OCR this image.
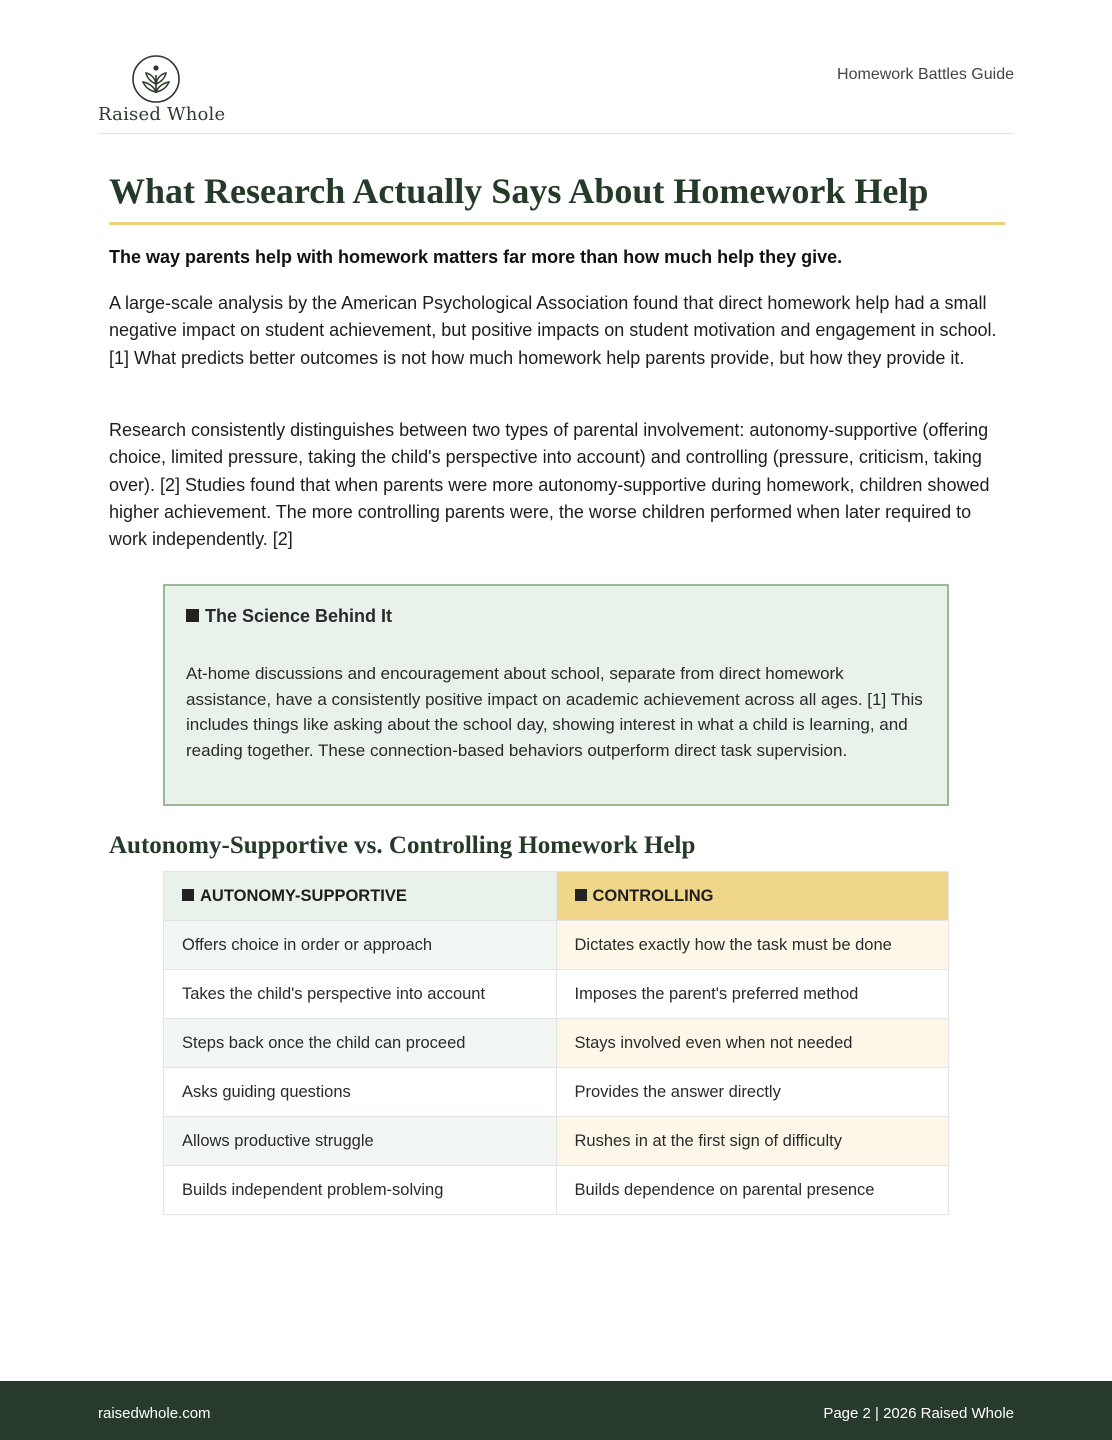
Raised Whole
Homework Battles Guide
What Research Actually Says About Homework Help

The way parents help with homework matters far more than how much help they give.

A large-scale analysis by the American Psychological Association found that direct homework help had a small negative impact on student achievement, but positive impacts on student motivation and engagement in school. [1] What predicts better outcomes is not how much homework help parents provide, but how they provide it.

Research consistently distinguishes between two types of parental involvement: autonomy-supportive (offering choice, limited pressure, taking the child's perspective into account) and controlling (pressure, criticism, taking over). [2] Studies found that when parents were more autonomy-supportive during homework, children showed higher achievement. The more controlling parents were, the worse children performed when later required to work independently. [2]

The Science Behind It

At-home discussions and encouragement about school, separate from direct homework assistance, have a consistently positive impact on academic achievement across all ages. [1] This includes things like asking about the school day, showing interest in what a child is learning, and reading together. These connection-based behaviors outperform direct task supervision.

Autonomy-Supportive vs. Controlling Homework Help
AUTONOMY-SUPPORTIVE	CONTROLLING
Offers choice in order or approach	Dictates exactly how the task must be done
Takes the child's perspective into account	Imposes the parent's preferred method
Steps back once the child can proceed	Stays involved even when not needed
Asks guiding questions	Provides the answer directly
Allows productive struggle	Rushes in at the first sign of difficulty
Builds independent problem-solving	Builds dependence on parental presence
raisedwhole.com	Page 2 | 2026 Raised Whole
